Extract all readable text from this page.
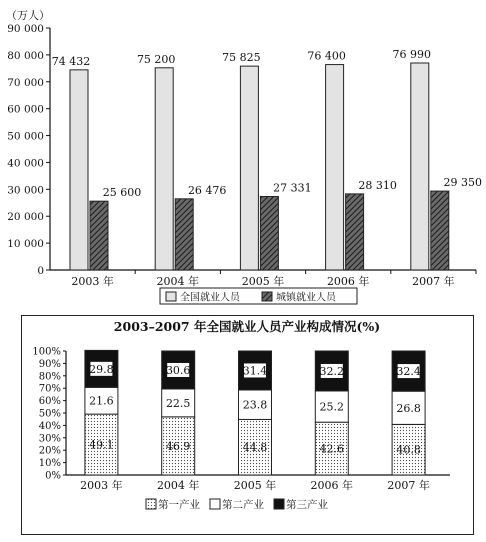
（万人）
0
10 000
20 000
30 000
40 000
50 000
60 000
70 000
80 000
90 000
2003 年
74 432
25 600
2004 年
75 200
26 476
2005 年
75 825
27 331
2006 年
76 400
28 310
2007 年
76 990
29 350
全国就业人员	城镇就业人员
2003–2007 年全国就业人员产业构成情况(%)
0%
10%
20%
30%
40%
50%
60%
70%
80%
90%
100%
2003 年
49.1
21.6
29.8
2004 年
46.9
22.5
30.6
2005 年
44.8
23.8
31.4
2006 年
42.6
25.2
32.2
2007 年
40.8
26.8
32.4
第一产业 第二产业 第三产业
